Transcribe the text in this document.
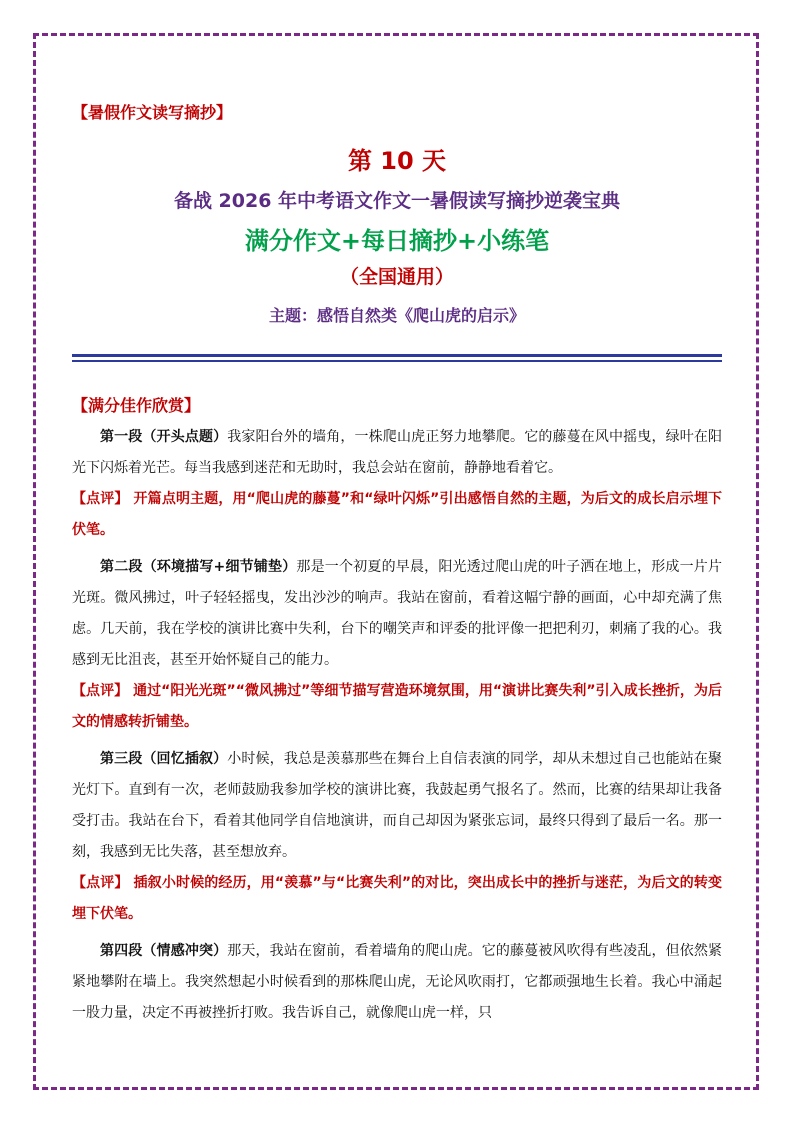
【暑假作文读写摘抄】
第 10 天
备战 2026 年中考语文作文一暑假读写摘抄逆袭宝典
满分作文+每日摘抄+小练笔
（全国通用）
主题：感悟自然类《爬山虎的启示》
【满分佳作欣赏】

第一段（开头点题）我家阳台外的墙角，一株爬山虎正努力地攀爬。它的藤蔓在风中摇曳，绿叶在阳光下闪烁着光芒。每当我感到迷茫和无助时，我总会站在窗前，静静地看着它。

【点评】 开篇点明主题，用“爬山虎的藤蔓”和“绿叶闪烁”引出感悟自然的主题，为后文的成长启示埋下伏笔。

第二段（环境描写+细节铺垫）那是一个初夏的早晨，阳光透过爬山虎的叶子洒在地上，形成一片片光斑。微风拂过，叶子轻轻摇曳，发出沙沙的响声。我站在窗前，看着这幅宁静的画面，心中却充满了焦虑。几天前，我在学校的演讲比赛中失利，台下的嘲笑声和评委的批评像一把把利刃，刺痛了我的心。我感到无比沮丧，甚至开始怀疑自己的能力。

【点评】 通过“阳光光斑”“微风拂过”等细节描写营造环境氛围，用“演讲比赛失利”引入成长挫折，为后文的情感转折铺垫。

第三段（回忆插叙）小时候，我总是羡慕那些在舞台上自信表演的同学，却从未想过自己也能站在聚光灯下。直到有一次，老师鼓励我参加学校的演讲比赛，我鼓起勇气报名了。然而，比赛的结果却让我备受打击。我站在台下，看着其他同学自信地演讲，而自己却因为紧张忘词，最终只得到了最后一名。那一刻，我感到无比失落，甚至想放弃。

【点评】 插叙小时候的经历，用“羡慕”与“比赛失利”的对比，突出成长中的挫折与迷茫，为后文的转变埋下伏笔。

第四段（情感冲突）那天，我站在窗前，看着墙角的爬山虎。它的藤蔓被风吹得有些凌乱，但依然紧紧地攀附在墙上。我突然想起小时候看到的那株爬山虎，无论风吹雨打，它都顽强地生长着。我心中涌起一股力量，决定不再被挫折打败。我告诉自己，就像爬山虎一样，只
